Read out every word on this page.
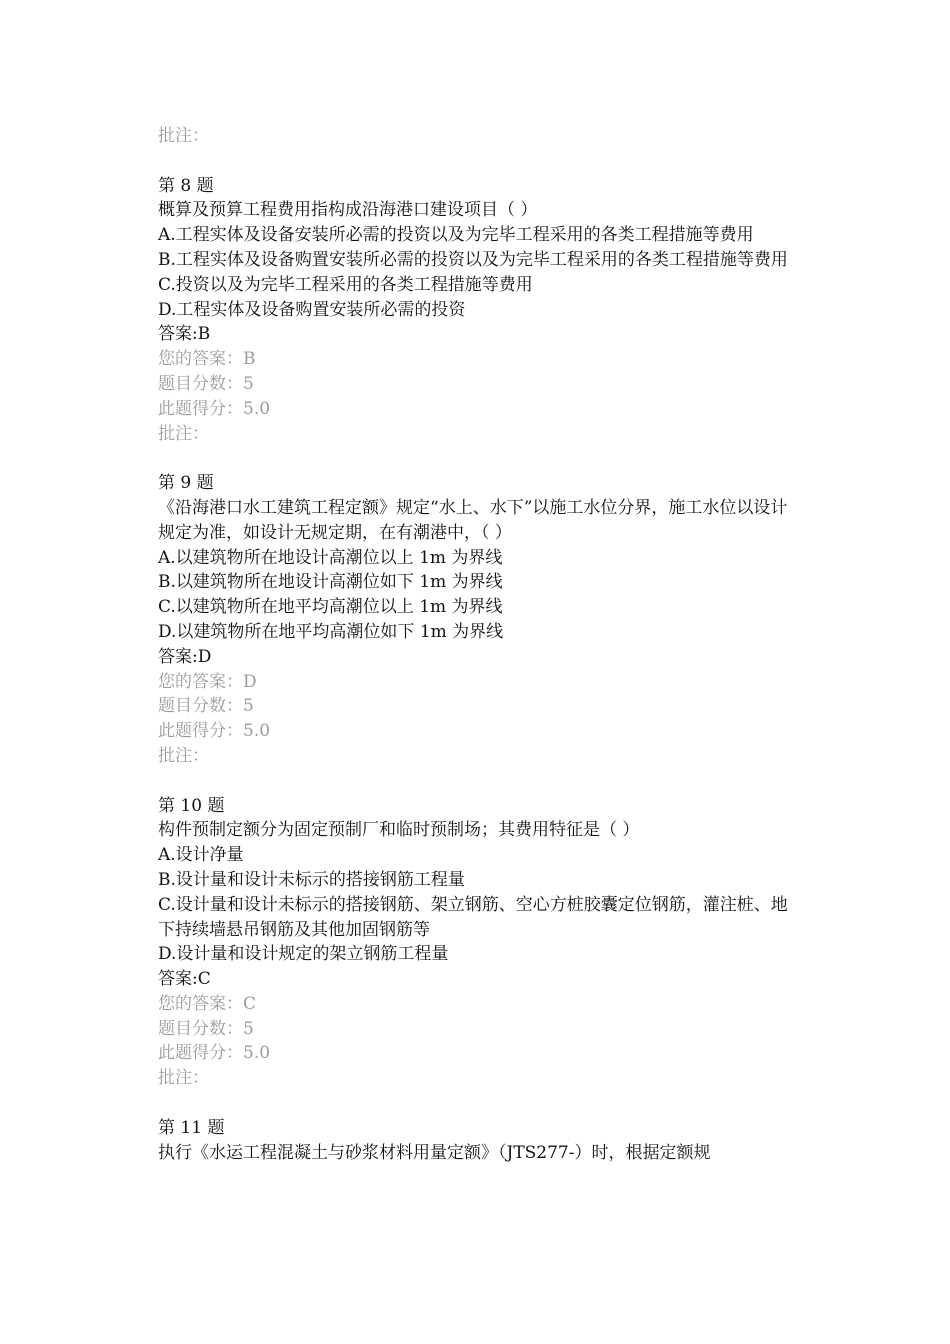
批注：
第 8 题
概算及预算工程费用指构成沿海港口建设项目（ ）
A.工程实体及设备安装所必需的投资以及为完毕工程采用的各类工程措施等费用
B.工程实体及设备购置安装所必需的投资以及为完毕工程采用的各类工程措施等费用
C.投资以及为完毕工程采用的各类工程措施等费用
D.工程实体及设备购置安装所必需的投资
答案:B
您的答案：B
题目分数：5
此题得分：5.0
批注：
第 9 题
《沿海港口水工建筑工程定额》规定“水上、水下”以施工水位分界，施工水位以设计规定为准，如设计无规定期，在有潮港中，（ ）
A.以建筑物所在地设计高潮位以上 1m 为界线
B.以建筑物所在地设计高潮位如下 1m 为界线
C.以建筑物所在地平均高潮位以上 1m 为界线
D.以建筑物所在地平均高潮位如下 1m 为界线
答案:D
您的答案：D
题目分数：5
此题得分：5.0
批注：
第 10 题
构件预制定额分为固定预制厂和临时预制场；其费用特征是（ ）
A.设计净量
B.设计量和设计未标示的搭接钢筋工程量
C.设计量和设计未标示的搭接钢筋、架立钢筋、空心方桩胶囊定位钢筋，灌注桩、地下持续墙悬吊钢筋及其他加固钢筋等
D.设计量和设计规定的架立钢筋工程量
答案:C
您的答案：C
题目分数：5
此题得分：5.0
批注：
第 11 题
执行《水运工程混凝土与砂浆材料用量定额》（JTS277-）时，根据定额规
